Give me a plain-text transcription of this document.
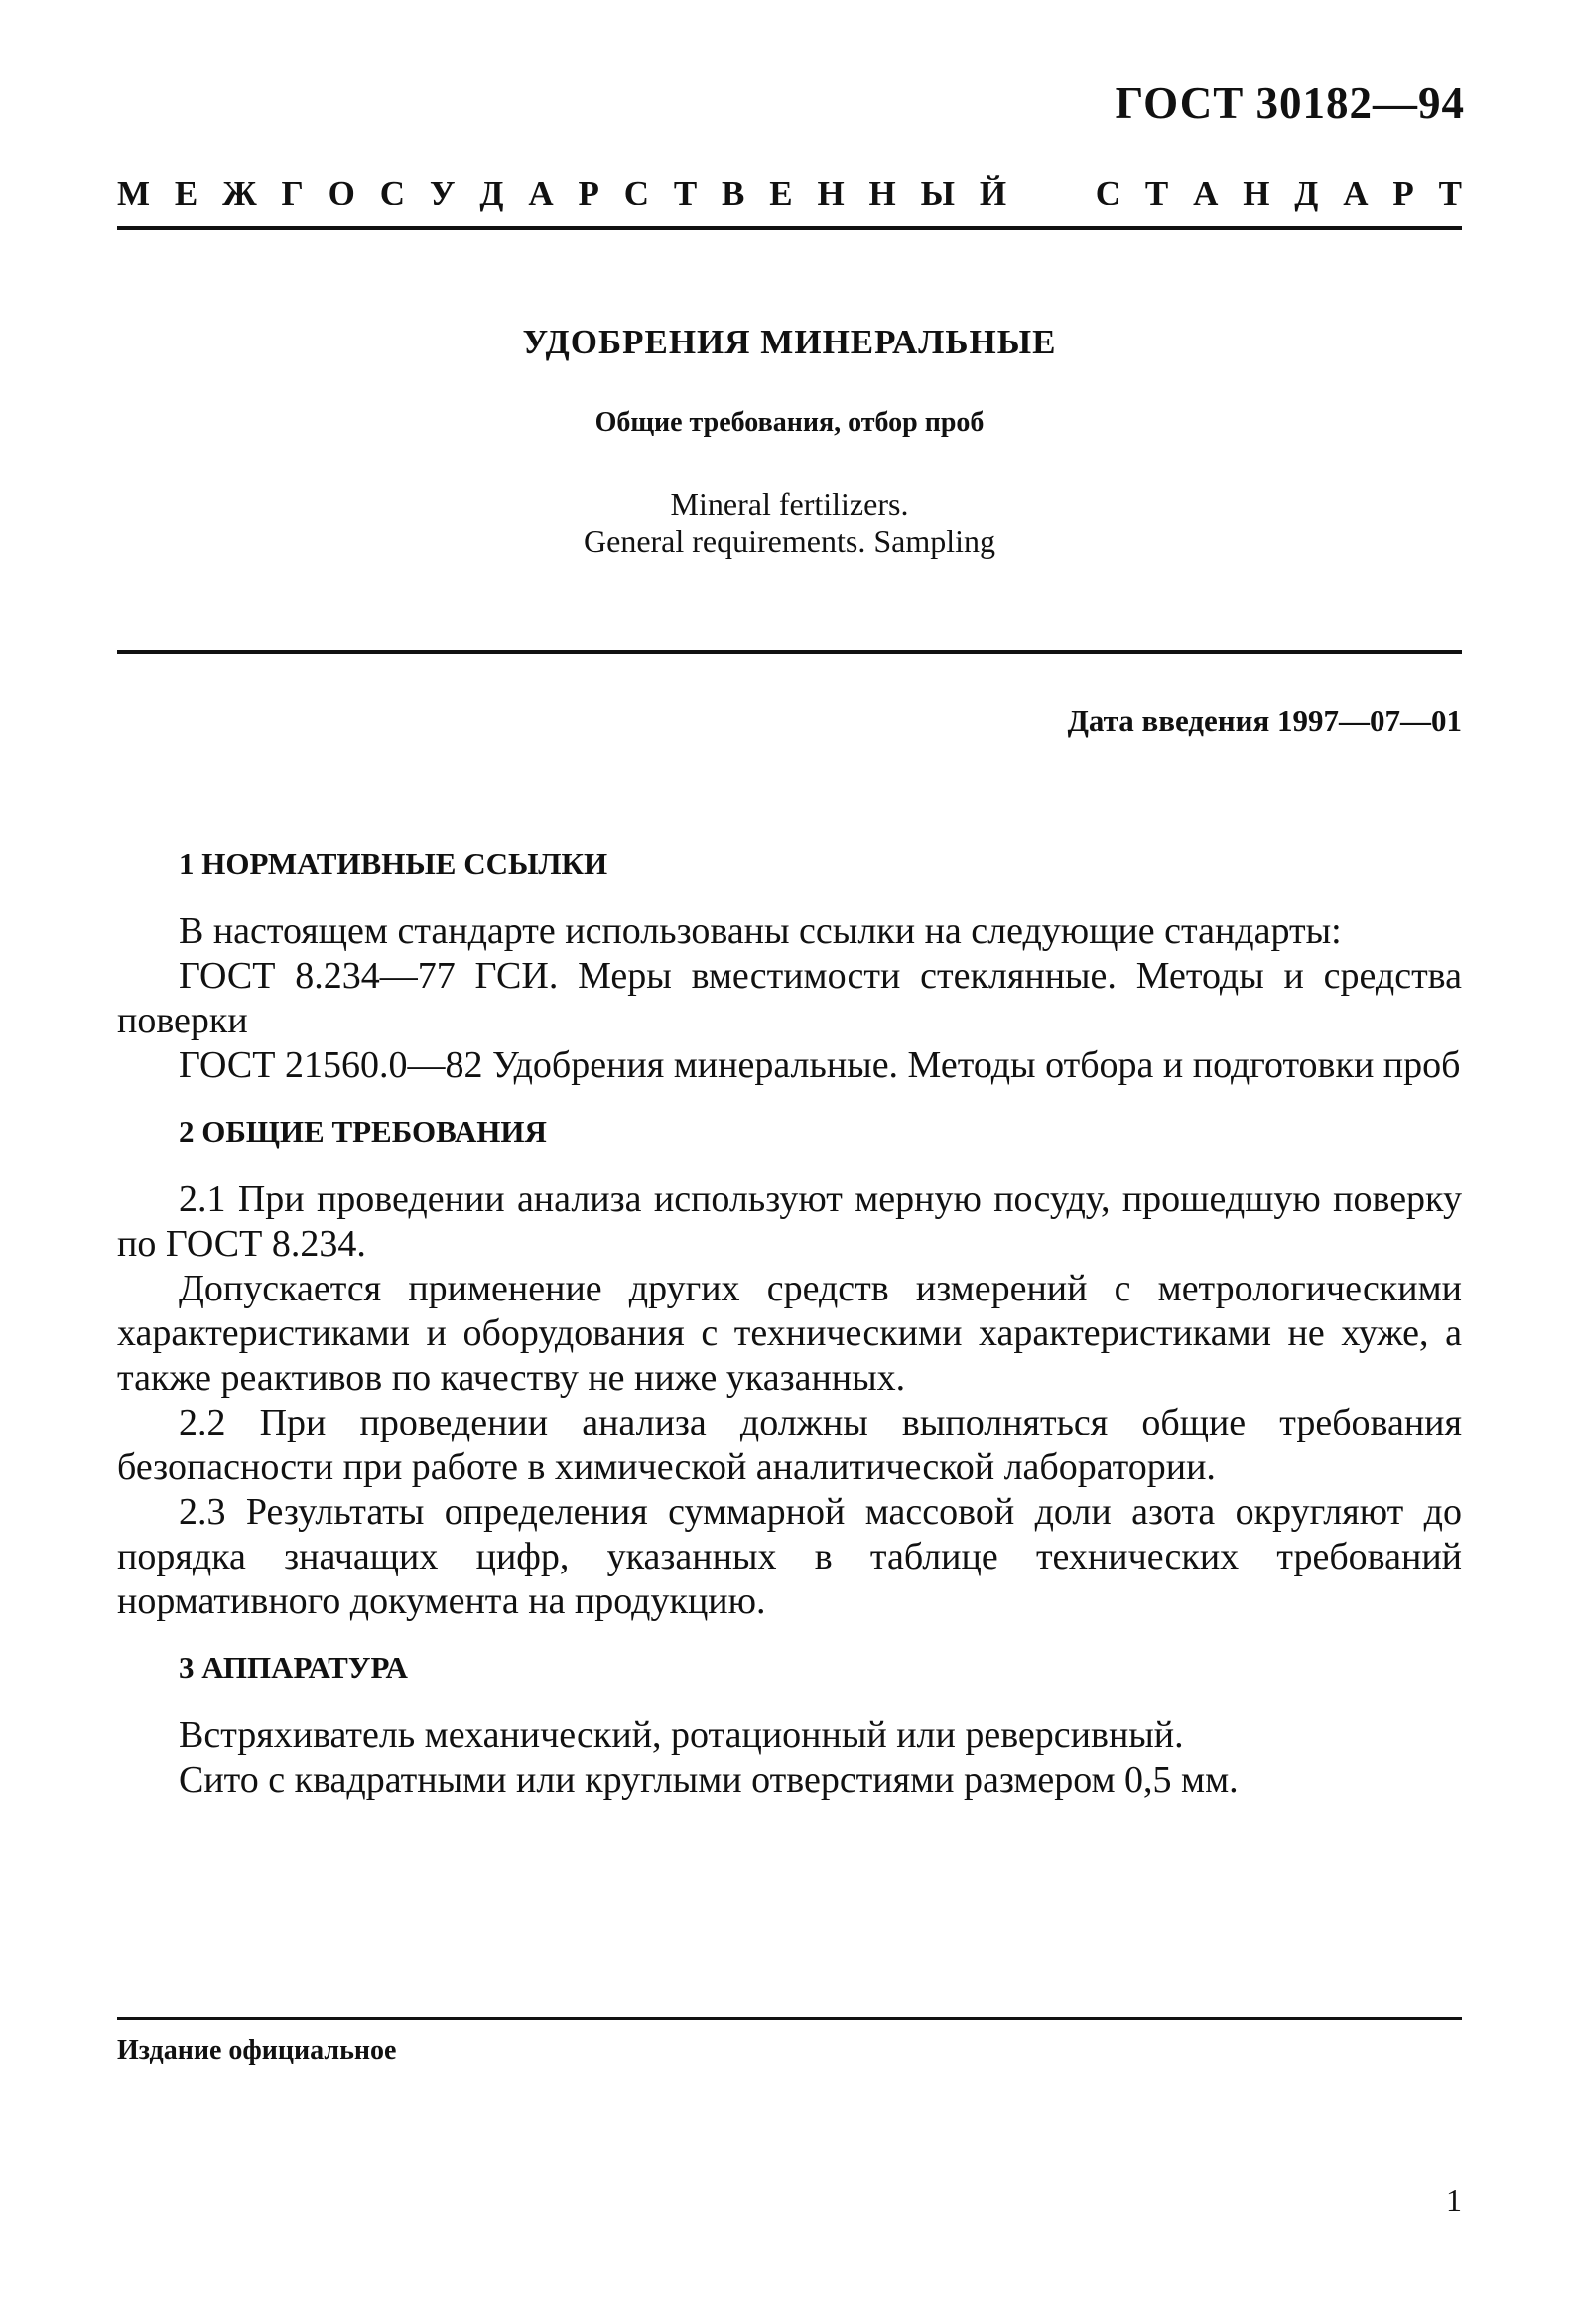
ГОСТ 30182—94
М Е Ж Г О С У Д А Р С Т В Е Н Н Ы Й	С Т А Н Д А Р Т
УДОБРЕНИЯ МИНЕРАЛЬНЫЕ
Общие требования, отбор проб
Mineral fertilizers.
General requirements. Sampling
Дата введения 1997—07—01
1 НОРМАТИВНЫЕ ССЫЛКИ

В настоящем стандарте использованы ссылки на следующие стандарты:

ГОСТ 8.234—77 ГСИ. Меры вместимости стеклянные. Методы и средства поверки

ГОСТ 21560.0—82 Удобрения минеральные. Методы отбора и подготовки проб

2 ОБЩИЕ ТРЕБОВАНИЯ

2.1 При проведении анализа используют мерную посуду, прошедшую поверку по ГОСТ 8.234.

Допускается применение других средств измерений с метрологическими характеристиками и оборудования с техническими характеристиками не хуже, а также реактивов по качеству не ниже указанных.

2.2 При проведении анализа должны выполняться общие требования безопасности при работе в химической аналитической лаборатории.

2.3 Результаты определения суммарной массовой доли азота округляют до порядка значащих цифр, указанных в таблице технических требований нормативного документа на продукцию.

3 АППАРАТУРА

Встряхиватель механический, ротационный или реверсивный.

Сито с квадратными или круглыми отверстиями размером 0,5 мм.

Издание официальное
1
